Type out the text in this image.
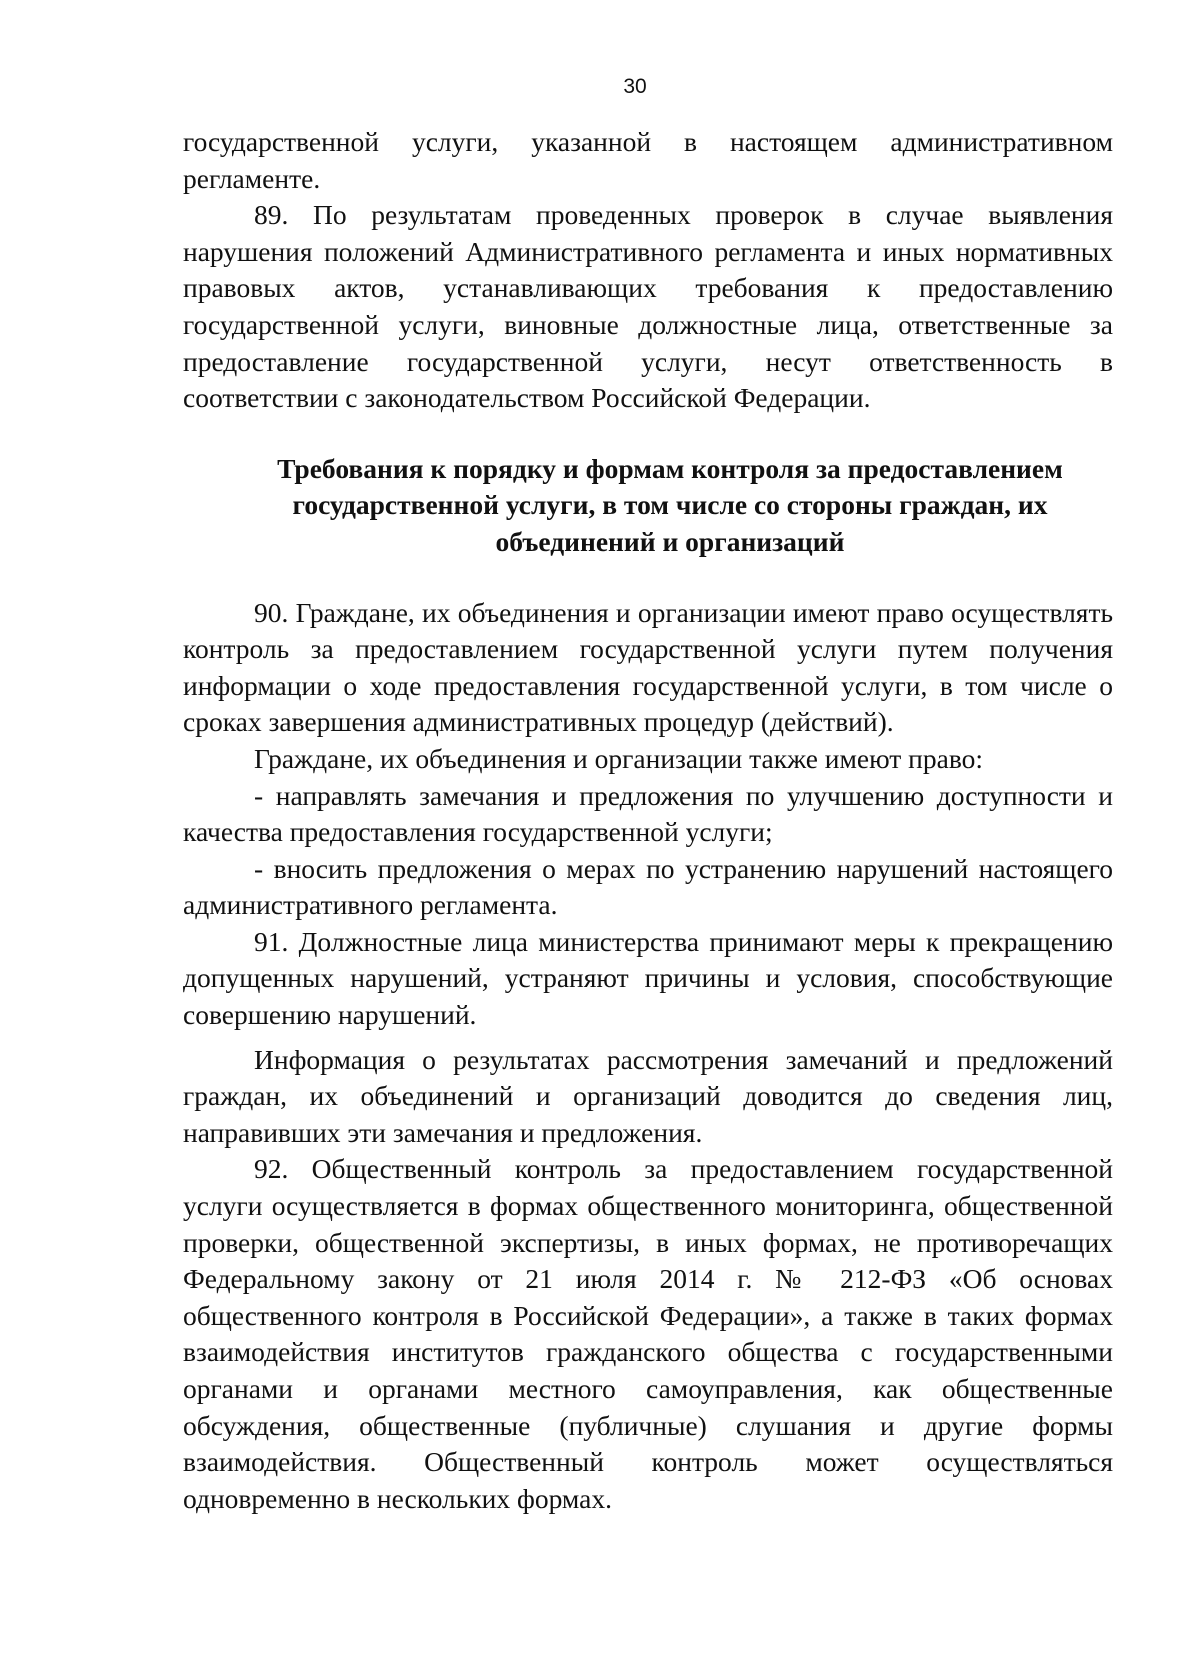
30

государственной услуги, указанной в настоящем административном регламенте.

89. По результатам проведенных проверок в случае выявления нарушения положений Административного регламента и иных нормативных правовых актов, устанавливающих требования к предоставлению государственной услуги, виновные должностные лица, ответственные за предоставление государственной услуги, несут ответственность в соответствии с законодательством Российской Федерации.

Требования к порядку и формам контроля за предоставлением государственной услуги, в том числе со стороны граждан, их объединений и организаций

90. Граждане, их объединения и организации имеют право осуществлять контроль за предоставлением государственной услуги путем получения информации о ходе предоставления государственной услуги, в том числе о сроках завершения административных процедур (действий).

Граждане, их объединения и организации также имеют право:

- направлять замечания и предложения по улучшению доступности и качества предоставления государственной услуги;

- вносить предложения о мерах по устранению нарушений настоящего административного регламента.

91. Должностные лица министерства принимают меры к прекращению допущенных нарушений, устраняют причины и условия, способствующие совершению нарушений.

Информация о результатах рассмотрения замечаний и предложений граждан, их объединений и организаций доводится до сведения лиц, направивших эти замечания и предложения.

92. Общественный контроль за предоставлением государственной услуги осуществляется в формах общественного мониторинга, общественной проверки, общественной экспертизы, в иных формах, не противоречащих Федеральному закону от 21 июля 2014 г. № 212-ФЗ «Об основах общественного контроля в Российской Федерации», а также в таких формах взаимодействия институтов гражданского общества с государственными органами и органами местного самоуправления, как общественные обсуждения, общественные (публичные) слушания и другие формы взаимодействия. Общественный контроль может осуществляться одновременно в нескольких формах.
